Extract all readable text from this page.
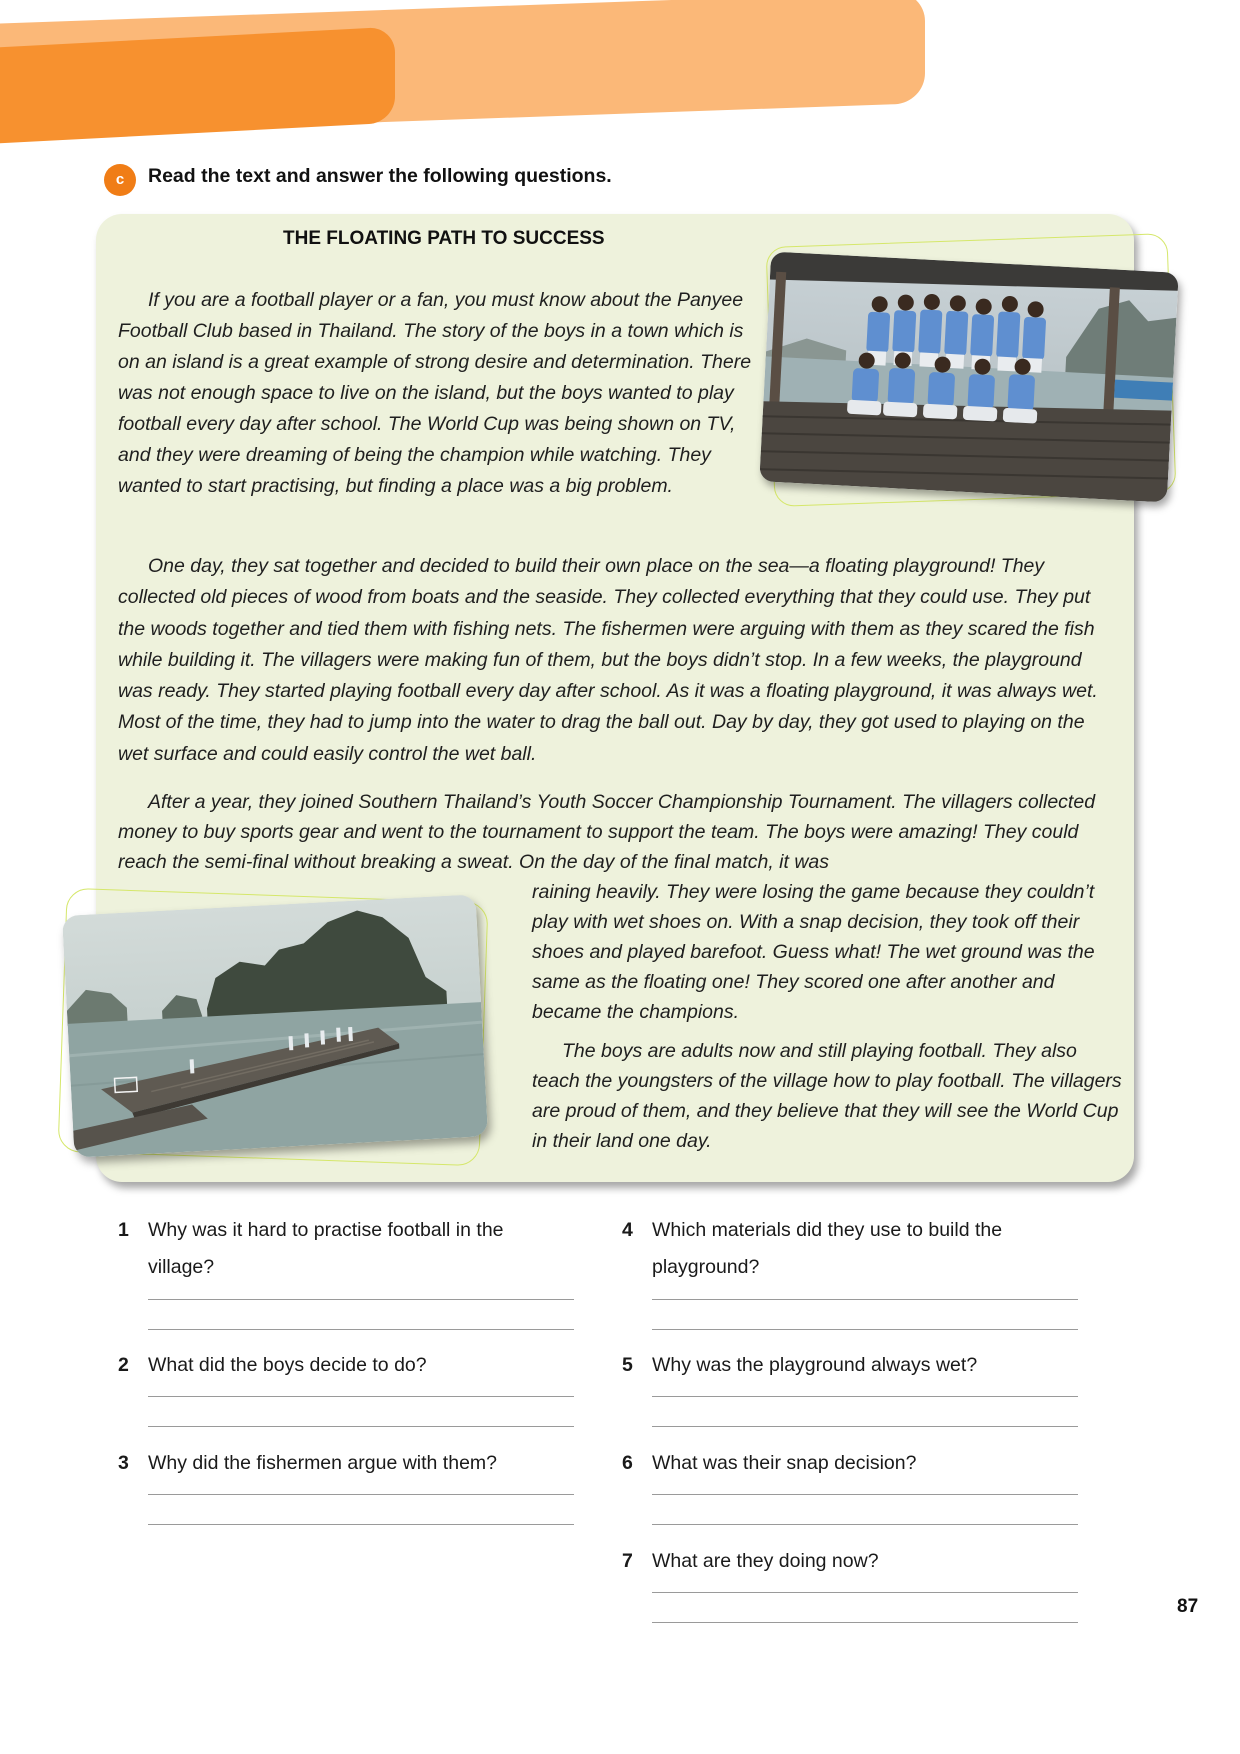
c	Read the text and answer the following questions.
THE FLOATING PATH TO SUCCESS

If you are a football player or a fan, you must know about the Panyee Football Club based in Thailand. The story of the boys in a town which is on an island is a great example of strong desire and determination. There was not enough space to live on the island, but the boys wanted to play football every day after school. The World Cup was being shown on TV, and they were dreaming of being the champion while watching. They wanted to start practising, but finding a place was a big problem.

One day, they sat together and decided to build their own place on the sea—a floating playground! They collected old pieces of wood from boats and the seaside. They collected everything that they could use. They put the woods together and tied them with fishing nets. The fishermen were arguing with them as they scared the fish while building it. The villagers were making fun of them, but the boys didn’t stop. In a few weeks, the playground was ready. They started playing football every day after school. As it was a floating playground, it was always wet. Most of the time, they had to jump into the water to drag the ball out. Day by day, they got used to playing on the wet surface and could easily control the wet ball.

After a year, they joined Southern Thailand’s Youth Soccer Championship Tournament. The villagers collected money to buy sports gear and went to the tournament to support the team. The boys were amazing! They could reach the semi-final without breaking a sweat. On the day of the final match, it was

raining heavily. They were losing the game because they couldn’t play with wet shoes on. With a snap decision, they took off their shoes and played barefoot. Guess what! The wet ground was the same as the floating one! They scored one after another and became the champions.

The boys are adults now and still playing football. They also teach the youngsters of the village how to play football. The villagers are proud of them, and they believe that they will see the World Cup in their land one day.

1 Why was it hard to practise football in the village?
2 What did the boys decide to do?
3 Why did the fishermen argue with them?
4 Which materials did they use to build the playground?
5 Why was the playground always wet?
6 What was their snap decision?
7 What are they doing now?
87
